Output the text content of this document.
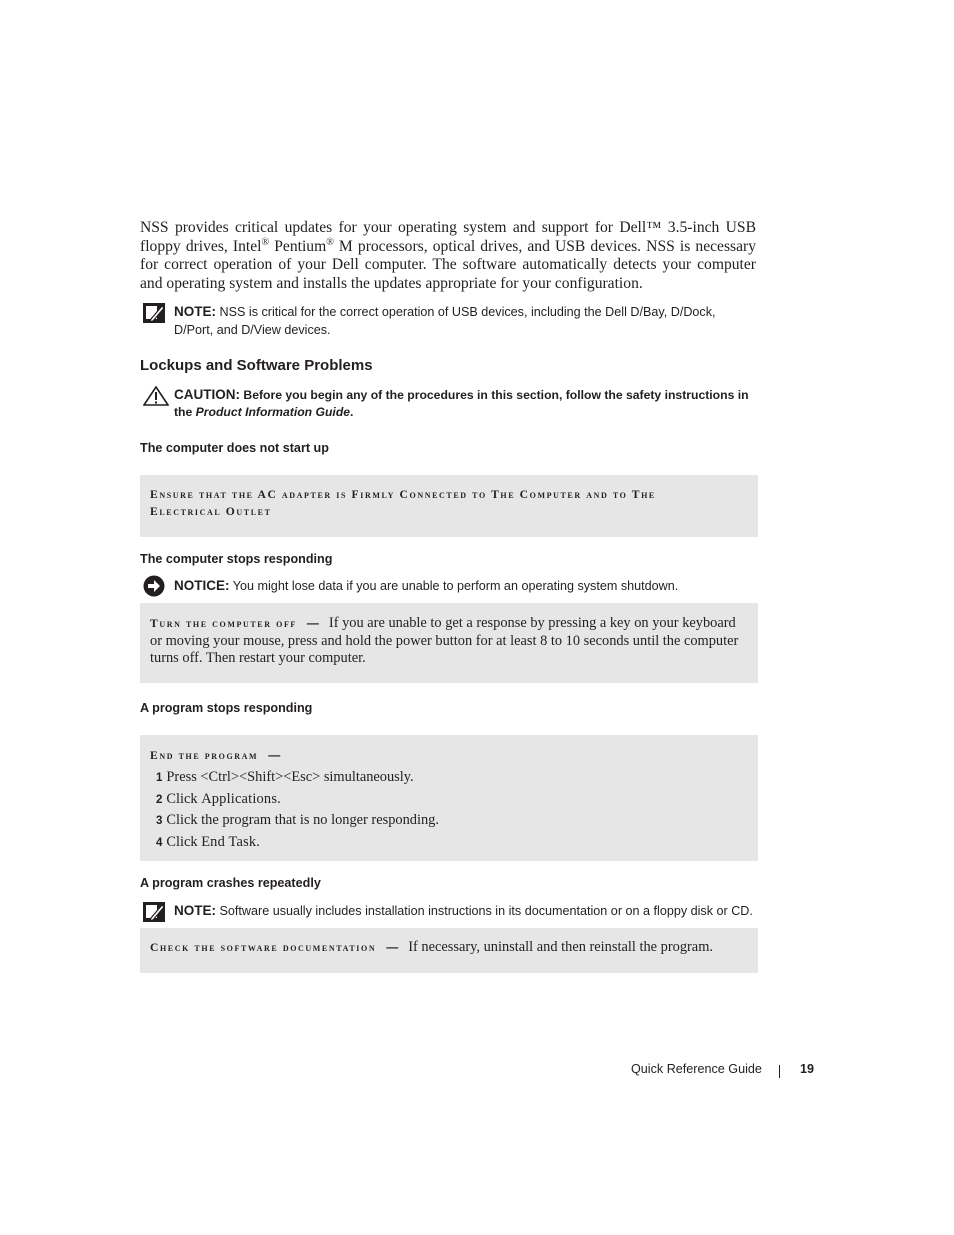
NSS provides critical updates for your operating system and support for Dell™ 3.5-inch USB floppy drives, Intel® Pentium® M processors, optical drives, and USB devices. NSS is necessary for correct operation of your Dell computer. The software automatically detects your computer and operating system and installs the updates appropriate for your configuration.
NOTE: NSS is critical for the correct operation of USB devices, including the Dell D/Bay, D/Dock, D/Port, and D/View devices.
Lockups and Software Problems
CAUTION: Before you begin any of the procedures in this section, follow the safety instructions in the Product Information Guide.
The computer does not start up
Ensure that the AC adapter is Firmly Connected to The Computer and to The
Electrical Outlet
The computer stops responding
NOTICE: You might lose data if you are unable to perform an operating system shutdown.
Turn the computer off — If you are unable to get a response by pressing a key on your keyboard or moving your mouse, press and hold the power button for at least 8 to 10 seconds until the computer turns off. Then restart your computer.
A program stops responding
End the program —
1 Press <Ctrl><Shift><Esc> simultaneously.
2 Click Applications.
3 Click the program that is no longer responding.
4 Click End Task.
A program crashes repeatedly
NOTE: Software usually includes installation instructions in its documentation or on a floppy disk or CD.
Check the software documentation — If necessary, uninstall and then reinstall the program.
Quick Reference Guide	19
